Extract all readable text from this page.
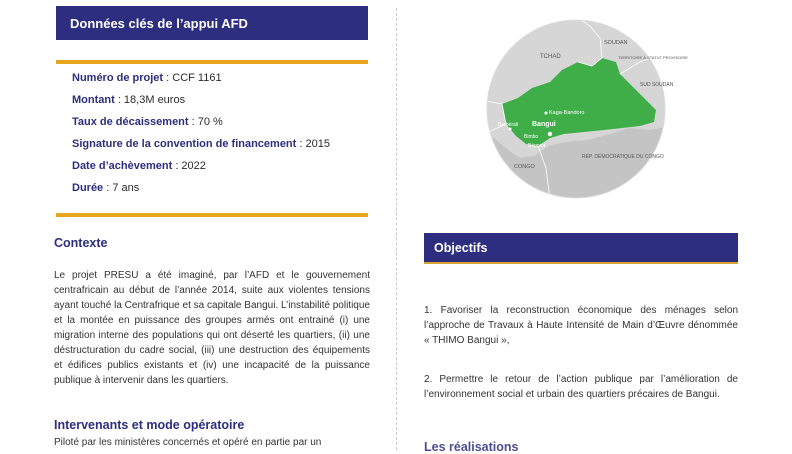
Données clés de l’appui AFD
Numéro de projet : CCF 1161
Montant : 18,3M euros
Taux de décaissement : 70 %
Signature de la convention de financement : 2015
Date d’achèvement : 2022
Durée : 7 ans
Contexte
Le projet PRESU a été imaginé, par l’AFD et le gouvernement centrafricain au début de l’année 2014, suite aux violentes tensions ayant touché la Centrafrique et sa capitale Bangui. L’instabilité politique et la montée en puissance des groupes armés ont entrainé (i) une migration interne des populations qui ont déserté les quartiers, (ii) une déstructuration du cadre social, (iii) une destruction des équipements et édifices publics existants et (iv) une incapacité de la puissance publique à intervenir dans les quartiers.
Intervenants et mode opératoire
Piloté par les ministères concernés et opéré en partie par un
TCHAD
SOUDAN
TERRITOIRE À STATUT PROVISOIRE
SUD SOUDAN
Kaga-Bandoro
Bangui
Berbérati
Bimbo
Bégoua
CONGO
RÉP. DÉMOCRATIQUE DU CONGO
Objectifs
1. Favoriser la reconstruction économique des ménages selon l’approche de Travaux à Haute Intensité de Main d’Œuvre dénommée « THIMO Bangui »,
2. Permettre le retour de l’action publique par l’amélioration de l’environnement social et urbain des quartiers précaires de Bangui.
Les réalisations
